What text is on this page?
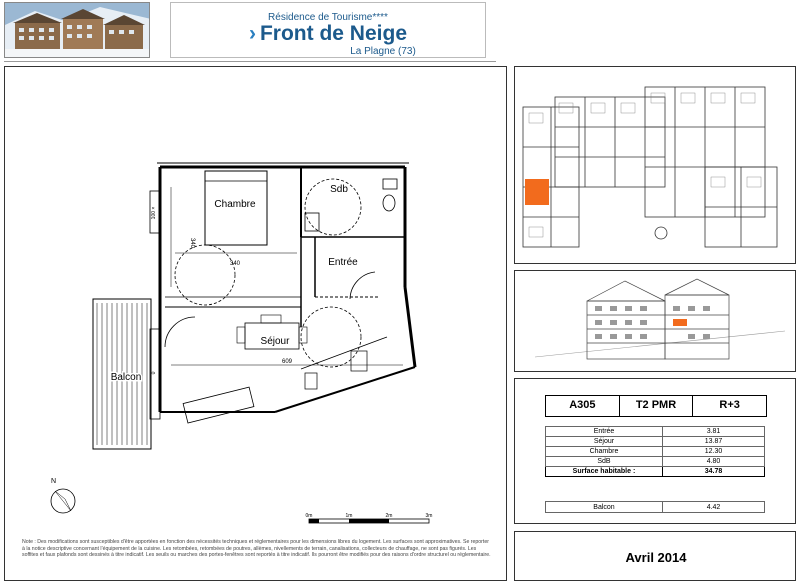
Résidence de Tourisme****
› Front de Neige
La Plagne (73)
Chambre
Sdb
Entrée
Séjour
Balcon
340
340
609
100 ×
0
N
0m	1m	2m	3m
Note : Des modifications sont susceptibles d'être apportées en fonction des nécessités techniques et réglementaires pour les dimensions libres du logement. Les surfaces sont approximatives. Se reporter à la notice descriptive concernant l'équipement de la cuisine. Les retombées, retombées de poutres, allèmes, nivellements de terrain, canalisations, collecteurs de chauffage, ne sont pas figurés. Les soffites et faux plafonds sont dessinés à titre indicatif. Les seuils ou marches des portes-fenêtres sont reportés à titre indicatif. Ils pourront être modifiés pour des raisons d'ordre structurel ou réglementaire.
A305	T2 PMR	R+3
Entrée	3.81
Séjour	13.87
Chambre	12.30
SdB	4.80
Surface habitable :	34.78
Balcon	4.42
Avril 2014
